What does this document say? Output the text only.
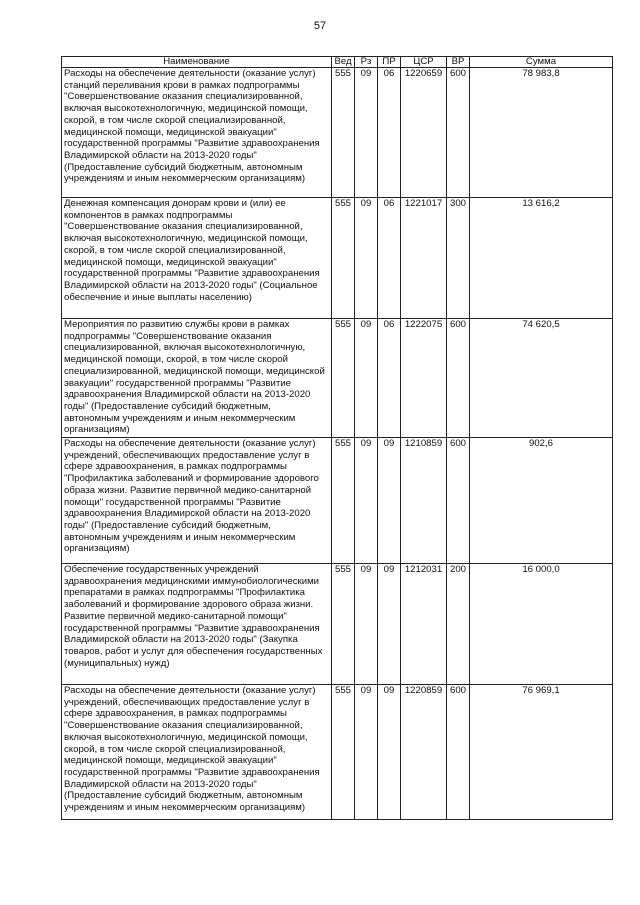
57
Наименование	Вед	Рз	ПР	ЦСР	ВР	Сумма
Расходы на обеспечение деятельности (оказание услуг) станций переливания крови в рамках подпрограммы "Совершенствование оказания специализированной, включая высокотехнологичную, медицинской помощи, скорой, в том числе скорой специализированной, медицинской помощи, медицинской эвакуации" государственной программы "Развитие здравоохранения Владимирской области на 2013-2020 годы" (Предоставление субсидий бюджетным, автономным учреждениям и иным некоммерческим организациям)	555	09	06	1220659	600	78 983,8
Денежная компенсация донорам крови и (или) ее компонентов в рамках подпрограммы "Совершенствование оказания специализированной, включая высокотехнологичную, медицинской помощи, скорой, в том числе скорой специализированной, медицинской помощи, медицинской эвакуации" государственной программы "Развитие здравоохранения Владимирской области на 2013-2020 годы" (Социальное обеспечение и иные выплаты населению)	555	09	06	1221017	300	13 616,2
Мероприятия по развитию службы крови в рамках подпрограммы "Совершенствование оказания специализированной, включая высокотехнологичную, медицинской помощи, скорой, в том числе скорой специализированной, медицинской помощи, медицинской эвакуации" государственной программы "Развитие здравоохранения Владимирской области на 2013-2020 годы" (Предоставление субсидий бюджетным, автономным учреждениям и иным некоммерческим организациям)	555	09	06	1222075	600	74 620,5
Расходы на обеспечение деятельности (оказание услуг) учреждений, обеспечивающих предоставление услуг в сфере здравоохранения, в рамках подпрограммы "Профилактика заболеваний и формирование здорового образа жизни. Развитие первичной медико-санитарной помощи" государственной программы "Развитие здравоохранения Владимирской области на 2013-2020 годы" (Предоставление субсидий бюджетным, автономным учреждениям и иным некоммерческим организациям)	555	09	09	1210859	600	902,6
Обеспечение государственных учреждений здравоохранения медицинскими иммунобиологическими препаратами в рамках подпрограммы "Профилактика заболеваний и формирование здорового образа жизни. Развитие первичной медико-санитарной помощи" государственной программы "Развитие здравоохранения Владимирской области на 2013-2020 годы" (Закупка товаров, работ и услуг для обеспечения государственных (муниципальных) нужд)	555	09	09	1212031	200	16 000,0
Расходы на обеспечение деятельности (оказание услуг) учреждений, обеспечивающих предоставление услуг в сфере здравоохранения, в рамках подпрограммы "Совершенствование оказания специализированной, включая высокотехнологичную, медицинской помощи, скорой, в том числе скорой специализированной, медицинской помощи, медицинской эвакуации" государственной программы "Развитие здравоохранения Владимирской области на 2013-2020 годы" (Предоставление субсидий бюджетным, автономным учреждениям и иным некоммерческим организациям)	555	09	09	1220859	600	76 969,1
